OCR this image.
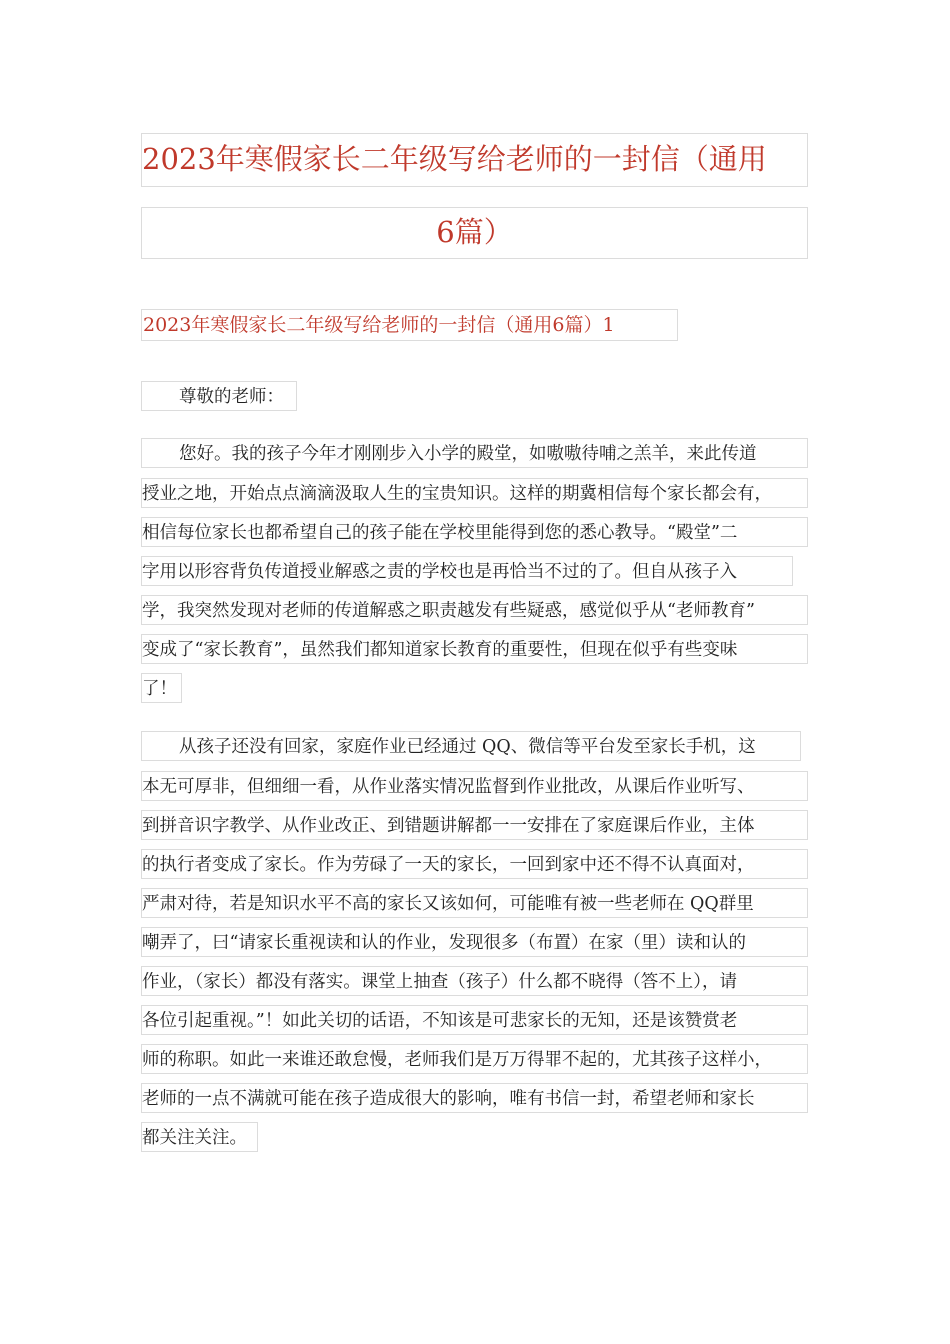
2023年寒假家长二年级写给老师的一封信（通用
6篇）
2023年寒假家长二年级写给老师的一封信（通用6篇）1
尊敬的老师：
您好。我的孩子今年才刚刚步入小学的殿堂，如嗷嗷待哺之羔羊，来此传道
授业之地，开始点点滴滴汲取人生的宝贵知识。这样的期冀相信每个家长都会有，
相信每位家长也都希望自己的孩子能在学校里能得到您的悉心教导。“殿堂”二
字用以形容背负传道授业解惑之责的学校也是再恰当不过的了。但自从孩子入
学，我突然发现对老师的传道解惑之职责越发有些疑惑，感觉似乎从“老师教育”
变成了“家长教育”，虽然我们都知道家长教育的重要性，但现在似乎有些变味
了！
从孩子还没有回家，家庭作业已经通过 QQ、微信等平台发至家长手机，这
本无可厚非，但细细一看，从作业落实情况监督到作业批改，从课后作业听写、
到拼音识字教学、从作业改正、到错题讲解都一一安排在了家庭课后作业，主体
的执行者变成了家长。作为劳碌了一天的家长，一回到家中还不得不认真面对，
严肃对待，若是知识水平不高的家长又该如何，可能唯有被一些老师在 QQ群里
嘲弄了，曰“请家长重视读和认的作业，发现很多（布置）在家（里）读和认的
作业，（家长）都没有落实。课堂上抽查（孩子）什么都不晓得（答不上），请
各位引起重视。”！如此关切的话语，不知该是可悲家长的无知，还是该赞赏老
师的称职。如此一来谁还敢怠慢，老师我们是万万得罪不起的，尤其孩子这样小，
老师的一点不满就可能在孩子造成很大的影响，唯有书信一封，希望老师和家长
都关注关注。
